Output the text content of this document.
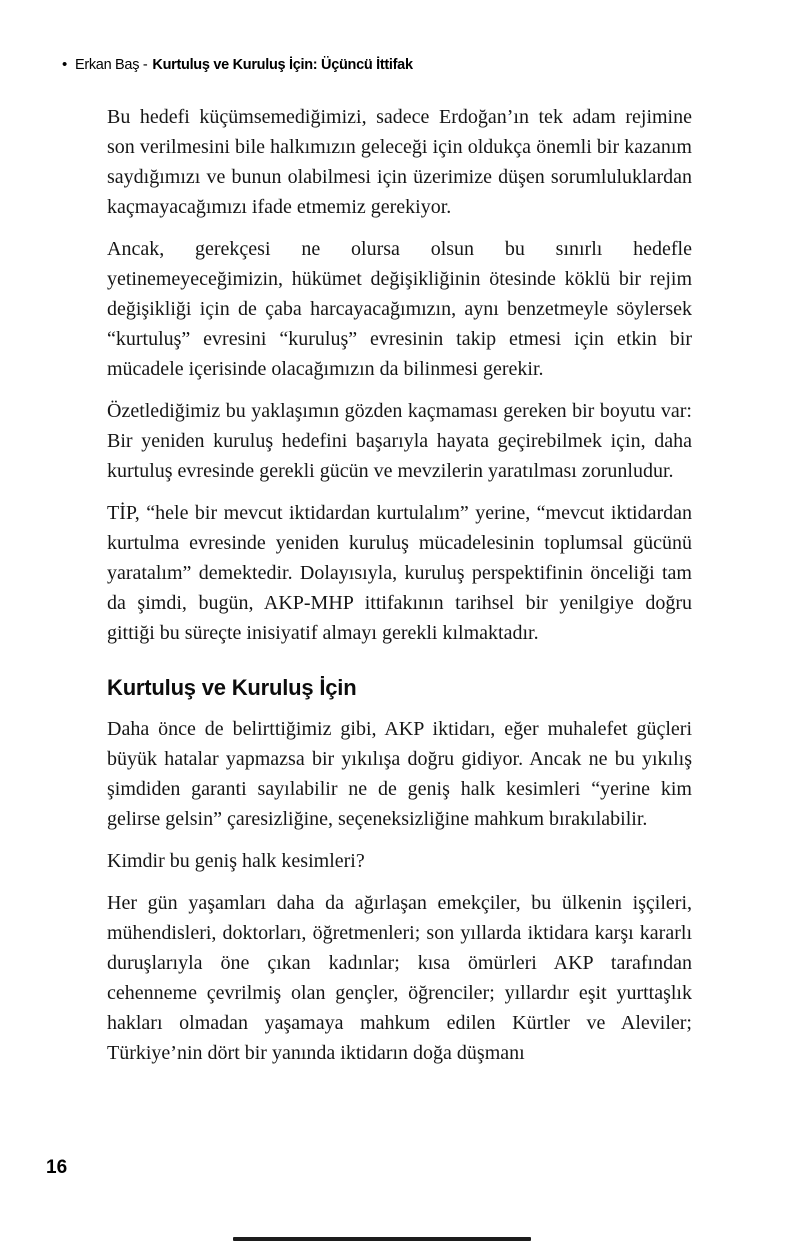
• Erkan Baş - Kurtuluş ve Kuruluş İçin: Üçüncü İttifak

Bu hedefi küçümsemediğimizi, sadece Erdoğan’ın tek adam rejimine son verilmesini bile halkımızın geleceği için oldukça önemli bir kazanım saydığımızı ve bunun olabilmesi için üzerimize düşen sorumluluklardan kaçmayacağımızı ifade etmemiz gerekiyor.

Ancak, gerekçesi ne olursa olsun bu sınırlı hedefle yetinemeyeceğimizin, hükümet değişikliğinin ötesinde köklü bir rejim değişikliği için de çaba harcayacağımızın, aynı benzetmeyle söylersek “kurtuluş” evresini “kuruluş” evresinin takip etmesi için etkin bir mücadele içerisinde olacağımızın da bilinmesi gerekir.

Özetlediğimiz bu yaklaşımın gözden kaçmaması gereken bir boyutu var: Bir yeniden kuruluş hedefini başarıyla hayata geçirebilmek için, daha kurtuluş evresinde gerekli gücün ve mevzilerin yaratılması zorunludur.

TİP, “hele bir mevcut iktidardan kurtulalım” yerine, “mevcut iktidardan kurtulma evresinde yeniden kuruluş mücadelesinin toplumsal gücünü yaratalım” demektedir. Dolayısıyla, kuruluş perspektifinin önceliği tam da şimdi, bugün, AKP-MHP ittifakının tarihsel bir yenilgiye doğru gittiği bu süreçte inisiyatif almayı gerekli kılmaktadır.

Kurtuluş ve Kuruluş İçin

Daha önce de belirttiğimiz gibi, AKP iktidarı, eğer muhalefet güçleri büyük hatalar yapmazsa bir yıkılışa doğru gidiyor. Ancak ne bu yıkılış şimdiden garanti sayılabilir ne de geniş halk kesimleri “yerine kim gelirse gelsin” çaresizliğine, seçeneksizliğine mahkum bırakılabilir.

Kimdir bu geniş halk kesimleri?

Her gün yaşamları daha da ağırlaşan emekçiler, bu ülkenin işçileri, mühendisleri, doktorları, öğretmenleri; son yıllarda iktidara karşı kararlı duruşlarıyla öne çıkan kadınlar; kısa ömürleri AKP tarafından cehenneme çevrilmiş olan gençler, öğrenciler; yıllardır eşit yurttaşlık hakları olmadan yaşamaya mahkum edilen Kürtler ve Aleviler; Türkiye’nin dört bir yanında iktidarın doğa düşmanı

16
